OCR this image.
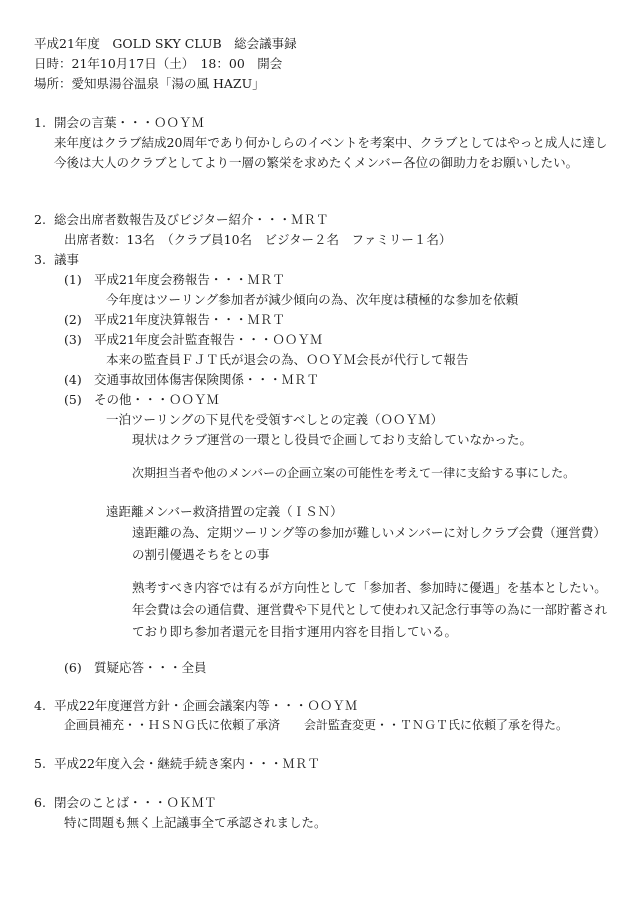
平成21年度　GOLD SKY CLUB　総会議事録
日時：21年10月17日（土）　18：00　開会
場所：愛知県湯谷温泉「湯の風 HAZU」
1. 開会の言葉・・・ＯＯＹＭ
来年度はクラブ結成20周年であり何かしらのイベントを考案中、クラブとしてはやっと成人に達し今後は大人のクラブとしてより一層の繁栄を求めたくメンバー各位の御助力をお願いしたい。
2. 総会出席者数報告及びビジター紹介・・・ＭＲＴ
出席者数：13名　（クラブ員10名　ビジター２名　ファミリー１名）
3. 議事
(1) 平成21年度会務報告・・・ＭＲＴ
今年度はツーリング参加者が減少傾向の為、次年度は積極的な参加を依頼
(2) 平成21年度決算報告・・・ＭＲＴ
(3) 平成21年度会計監査報告・・・ＯＯＹＭ
本来の監査員ＦＪＴ氏が退会の為、ＯＯＹＭ会長が代行して報告
(4) 交通事故団体傷害保険関係・・・ＭＲＴ
(5) その他・・・ＯＯＹＭ
一泊ツーリングの下見代を受領すべしとの定義（ＯＯＹＭ）
現状はクラブ運営の一環とし役員で企画しており支給していなかった。
次期担当者や他のメンバーの企画立案の可能性を考えて一律に支給する事にした。
遠距離メンバー救済措置の定義（ＩＳＮ）
遠距離の為、定期ツーリング等の参加が難しいメンバーに対しクラブ会費（運営費）の割引優遇そちをとの事
熟考すべき内容では有るが方向性として「参加者、参加時に優遇」を基本としたい。　年会費は会の通信費、運営費や下見代として使われ又記念行事等の為に一部貯蓄されており即ち参加者還元を目指す運用内容を目指している。
(6) 質疑応答・・・全員
4. 平成22年度運営方針・企画会議案内等・・・ＯＯＹＭ
企画員補充・・ＨＳＮＧ氏に依頼了承済　　会計監査変更・・ＴＮＧＴ氏に依頼了承を得た。
5. 平成22年度入会・継続手続き案内・・・ＭＲＴ
6. 閉会のことば・・・ＯＫＭＴ
特に問題も無く上記議事全て承認されました。
